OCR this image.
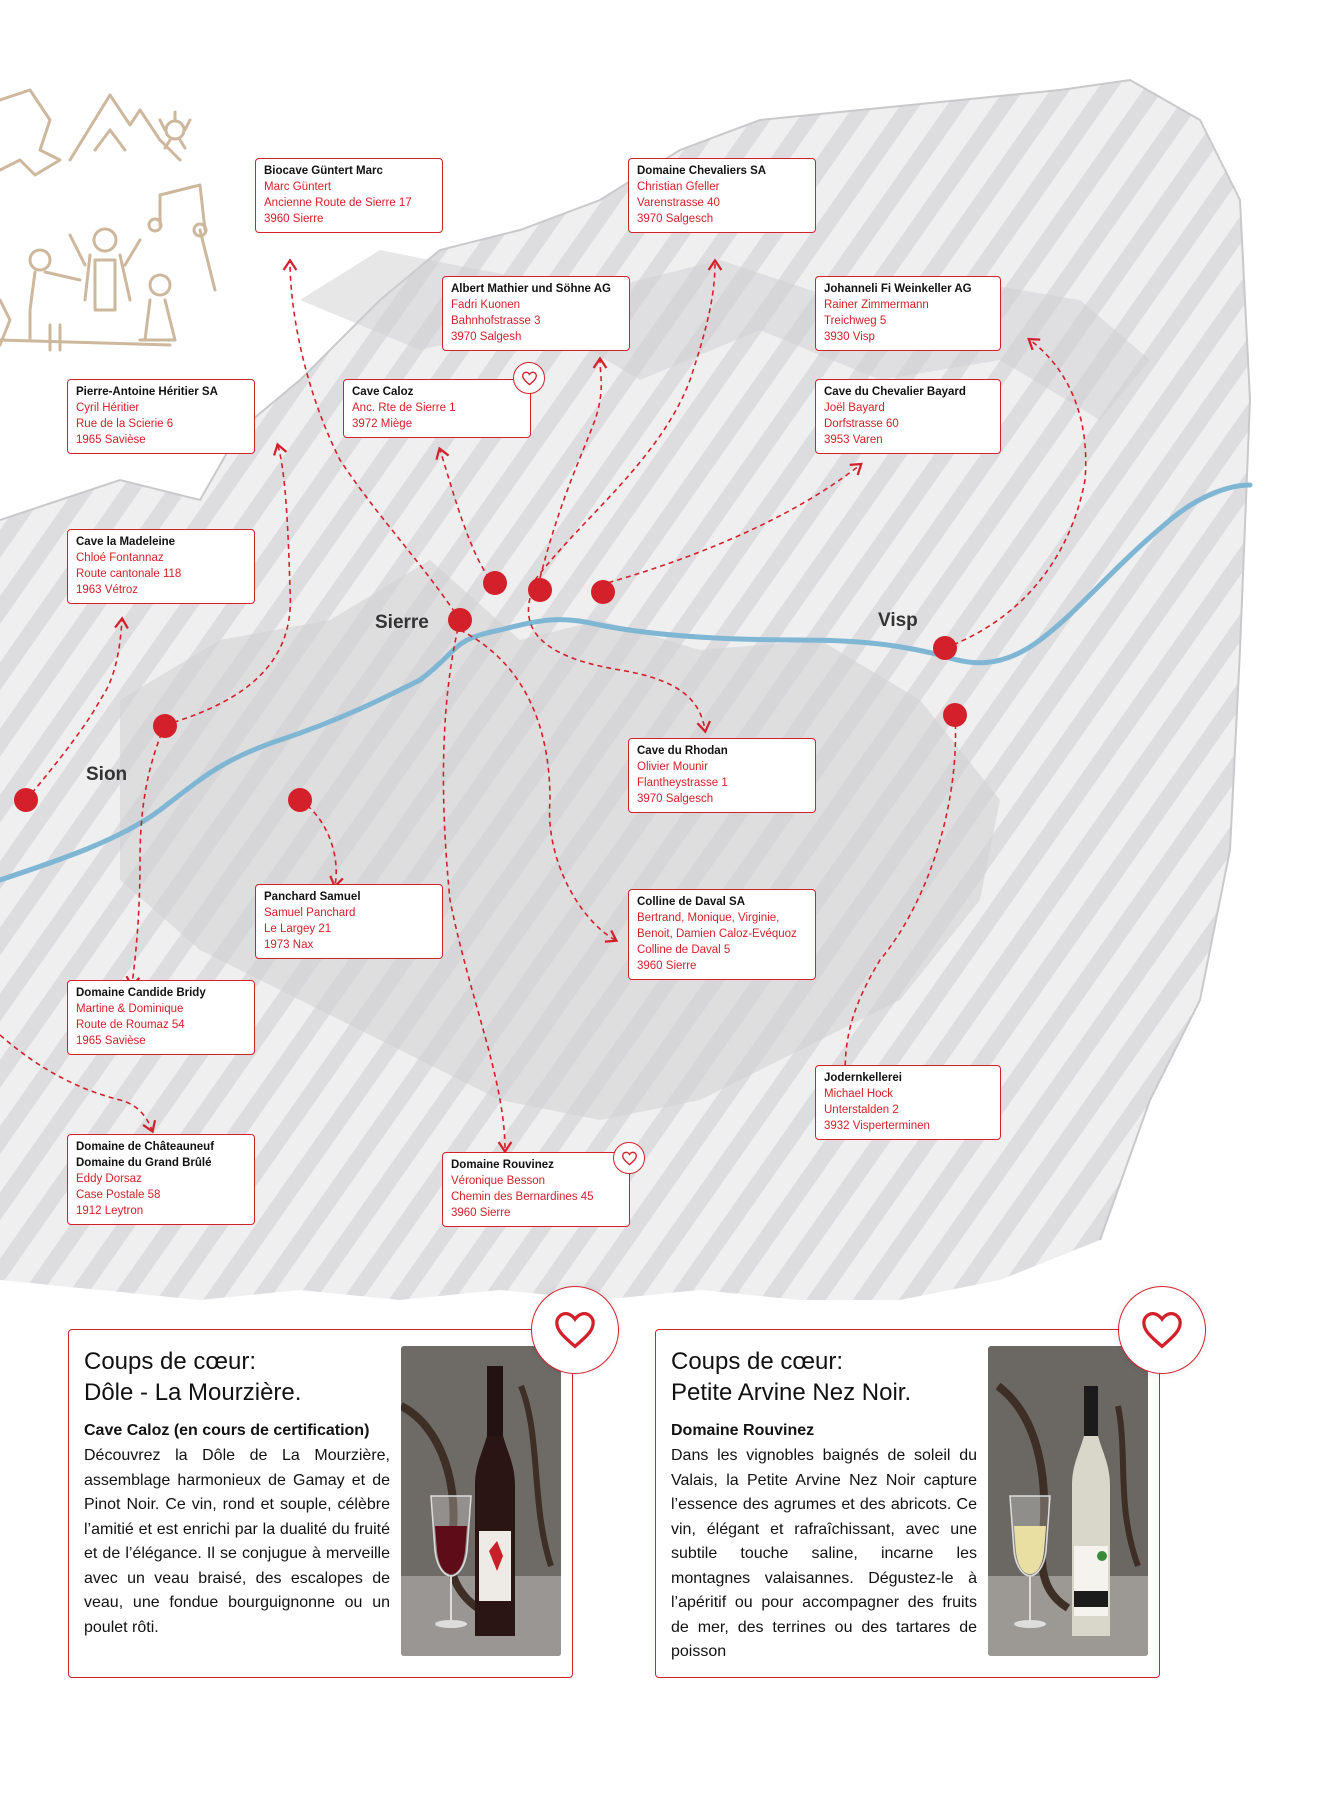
Sion
Sierre	Visp
Biocave Güntert Marc
Marc Güntert
Ancienne Route de Sierre 17
3960 Sierre
Domaine Chevaliers SA
Christian Gfeller
Varenstrasse 40
3970 Salgesch
Albert Mathier und Söhne AG
Fadri Kuonen
Bahnhofstrasse 3
3970 Salgesh
Johanneli Fi Weinkeller AG
Rainer Zimmermann
Treichweg 5
3930 Visp
Pierre-Antoine Héritier SA
Cyril Héritier
Rue de la Scierie 6
1965 Savièse
Cave Caloz
Anc. Rte de Sierre 1
3972 Miège
Cave du Chevalier Bayard
Joël Bayard
Dorfstrasse 60
3953 Varen
Cave la Madeleine
Chloé Fontannaz
Route cantonale 118
1963 Vétroz
Cave du Rhodan
Olivier Mounir
Flantheystrasse 1
3970 Salgesch
Panchard Samuel
Samuel Panchard
Le Largey 21
1973 Nax
Colline de Daval SA
Bertrand, Monique, Virginie,
Benoit, Damien Caloz-Evéquoz
Colline de Daval 5
3960 Sierre
Domaine Candide Bridy
Martine & Dominique
Route de Roumaz 54
1965 Savièse
Jodernkellerei
Michael Hock
Unterstalden 2
3932 Visperterminen
Domaine de Châteauneuf
Domaine du Grand Brûlé
Eddy Dorsaz
Case Postale 58
1912 Leytron
Domaine Rouvinez
Véronique Besson
Chemin des Bernardines 45
3960 Sierre
Coups de cœur:
Dôle - La Mourzière.
Cave Caloz (en cours de certification)
Découvrez la Dôle de La Mourzière, assemblage harmonieux de Gamay et de Pinot Noir. Ce vin, rond et souple, célèbre l’amitié et est enrichi par la dualité du fruité et de l’élégance. Il se conjugue à merveille avec un veau braisé, des escalopes de veau, une fondue bourguignonne ou un poulet rôti.
Coups de cœur:
Petite Arvine Nez Noir.
Domaine Rouvinez
Dans les vignobles baignés de soleil du Valais, la Petite Arvine Nez Noir capture l’essence des agrumes et des abricots. Ce vin, élégant et rafraîchissant, avec une subtile touche saline, incarne les montagnes valaisannes. Dégustez-le à l’apéritif ou pour accompagner des fruits de mer, des terrines ou des tartares de poisson
